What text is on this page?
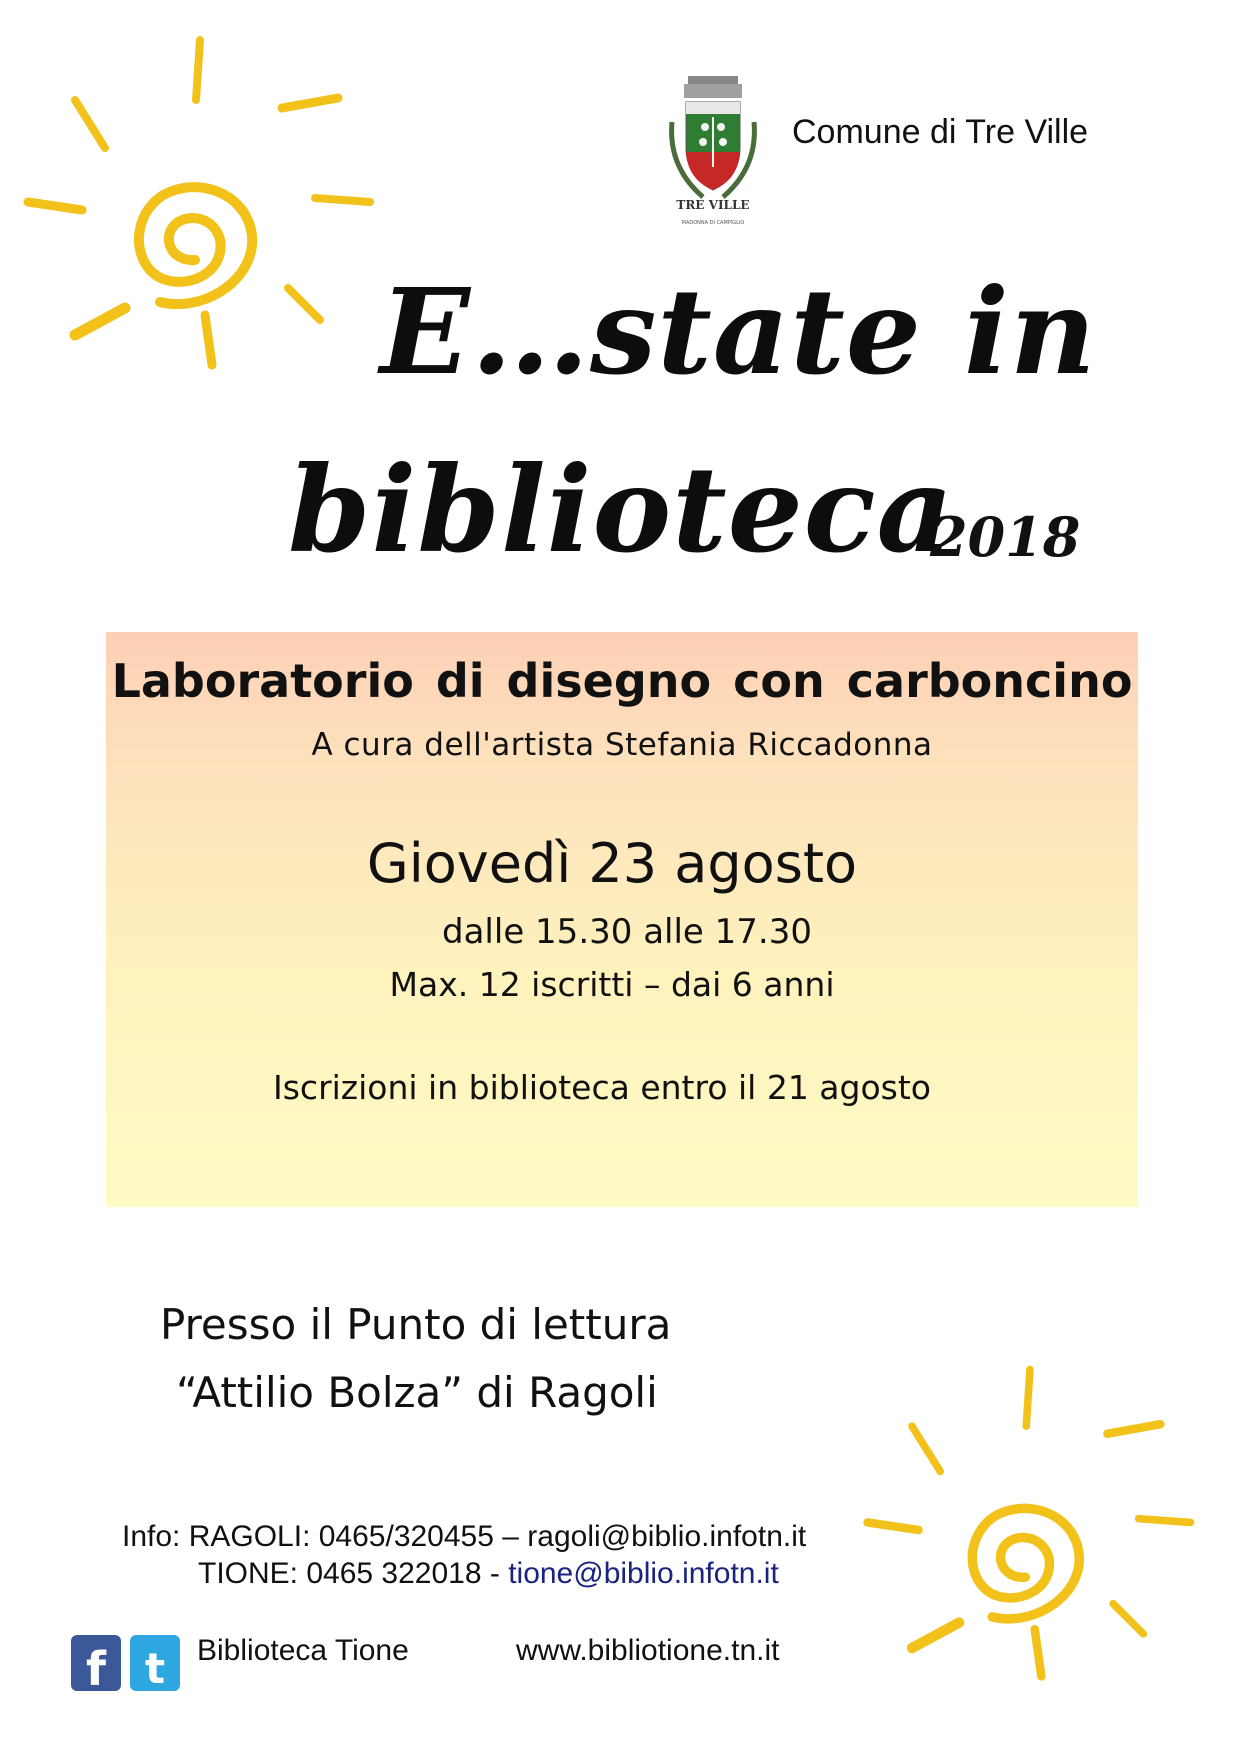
TRE VILLE
MADONNA DI CAMPIGLIO
Comune di Tre Ville
E…state in
biblioteca
2018
Laboratorio di disegno con carboncino
A cura dell'artista Stefania Riccadonna
Giovedì 23 agosto
dalle 15.30 alle 17.30
Max. 12 iscritti – dai 6 anni
Iscrizioni in biblioteca entro il 21 agosto
Presso il Punto di lettura
“Attilio Bolza” di Ragoli
Info: RAGOLI: 0465/320455 – ragoli@biblio.infotn.it
TIONE: 0465 322018 - tione@biblio.infotn.it
f t Biblioteca Tione	www.bibliotione.tn.it
